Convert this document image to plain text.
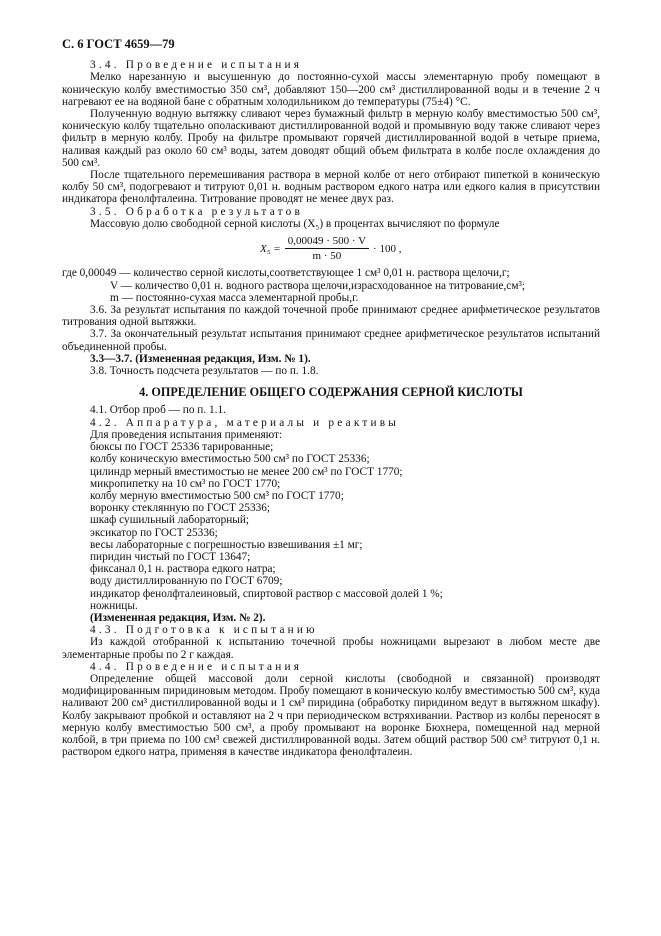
С. 6 ГОСТ 4659—79

3.4. Проведение испытания

Мелко нарезанную и высушенную до постоянно-сухой массы элементарную пробу помещают в коническую колбу вместимостью 350 см³, добавляют 150—200 см³ дистиллированной воды и в течение 2 ч нагревают ее на водяной бане с обратным холодильником до температуры (75±4) °С.

Полученную водную вытяжку сливают через бумажный фильтр в мерную колбу вместимостью 500 см³, коническую колбу тщательно ополаскивают дистиллированной водой и промывную воду также сливают через фильтр в мерную колбу. Пробу на фильтре промывают горячей дистиллированной водой в четыре приема, наливая каждый раз около 60 см³ воды, затем доводят общий объем фильтрата в колбе после охлаждения до 500 см³.

После тщательного перемешивания раствора в мерной колбе от него отбирают пипеткой в коническую колбу 50 см³, подогревают и титруют 0,01 н. водным раствором едкого натра или едкого калия в присутствии индикатора фенолфталеина. Титрование проводят не менее двух раз.

3.5. Обработка результатов

Массовую долю свободной серной кислоты (X₅) в процентах вычисляют по формуле

$X_5 = \frac{0,00049 \cdot 500 \cdot V}{m \cdot 50} \cdot 100$ ,

где 0,00049 — количество серной кислоты,соответствующее 1 см³ 0,01 н. раствора щелочи,г;

V — количество 0,01 н. водного раствора щелочи,израсходованное на титрование,см³;

m — постоянно-сухая масса элементарной пробы,г.

3.6. За результат испытания по каждой точечной пробе принимают среднее арифметическое результатов титрования одной вытяжки.

3.7. За окончательный результат испытания принимают среднее арифметическое результатов испытаний объединенной пробы.

3.3—3.7. (Измененная редакция, Изм. № 1).

3.8. Точность подсчета результатов — по п. 1.8.

4. ОПРЕДЕЛЕНИЕ ОБЩЕГО СОДЕРЖАНИЯ СЕРНОЙ КИСЛОТЫ

4.1. Отбор проб — по п. 1.1.

4.2. Аппаратура, материалы и реактивы

Для проведения испытания применяют:

бюксы по ГОСТ 25336 тарированные;

колбу коническую вместимостью 500 см³ по ГОСТ 25336;

цилиндр мерный вместимостью не менее 200 см³ по ГОСТ 1770;

микропипетку на 10 см³ по ГОСТ 1770;

колбу мерную вместимостью 500 см³ по ГОСТ 1770;

воронку стеклянную по ГОСТ 25336;

шкаф сушильный лабораторный;

эксикатор по ГОСТ 25336;

весы лабораторные с погрешностью взвешивания ±1 мг;

пиридин чистый по ГОСТ 13647;

фиксанал 0,1 н. раствора едкого натра;

воду дистиллированную по ГОСТ 6709;

индикатор фенолфталеиновый, спиртовой раствор с массовой долей 1 %;

ножницы.

(Измененная редакция, Изм. № 2).

4.3. Подготовка к испытанию

Из каждой отобранной к испытанию точечной пробы ножницами вырезают в любом месте две элементарные пробы по 2 г каждая.

4.4. Проведение испытания

Определение общей массовой доли серной кислоты (свободной и связанной) производят модифицированным пиридиновым методом. Пробу помещают в коническую колбу вместимостью 500 см³, куда наливают 200 см³ дистиллированной воды и 1 см³ пиридина (обработку пиридином ведут в вытяжном шкафу). Колбу закрывают пробкой и оставляют на 2 ч при периодическом встряхивании. Раствор из колбы переносят в мерную колбу вместимостью 500 см³, а пробу промывают на воронке Бюхнера, помещенной над мерной колбой, в три приема по 100 см³ свежей дистиллированной воды. Затем общий раствор 500 см³ титруют 0,1 н. раствором едкого натра, применяя в качестве индикатора фенолфталеин.
